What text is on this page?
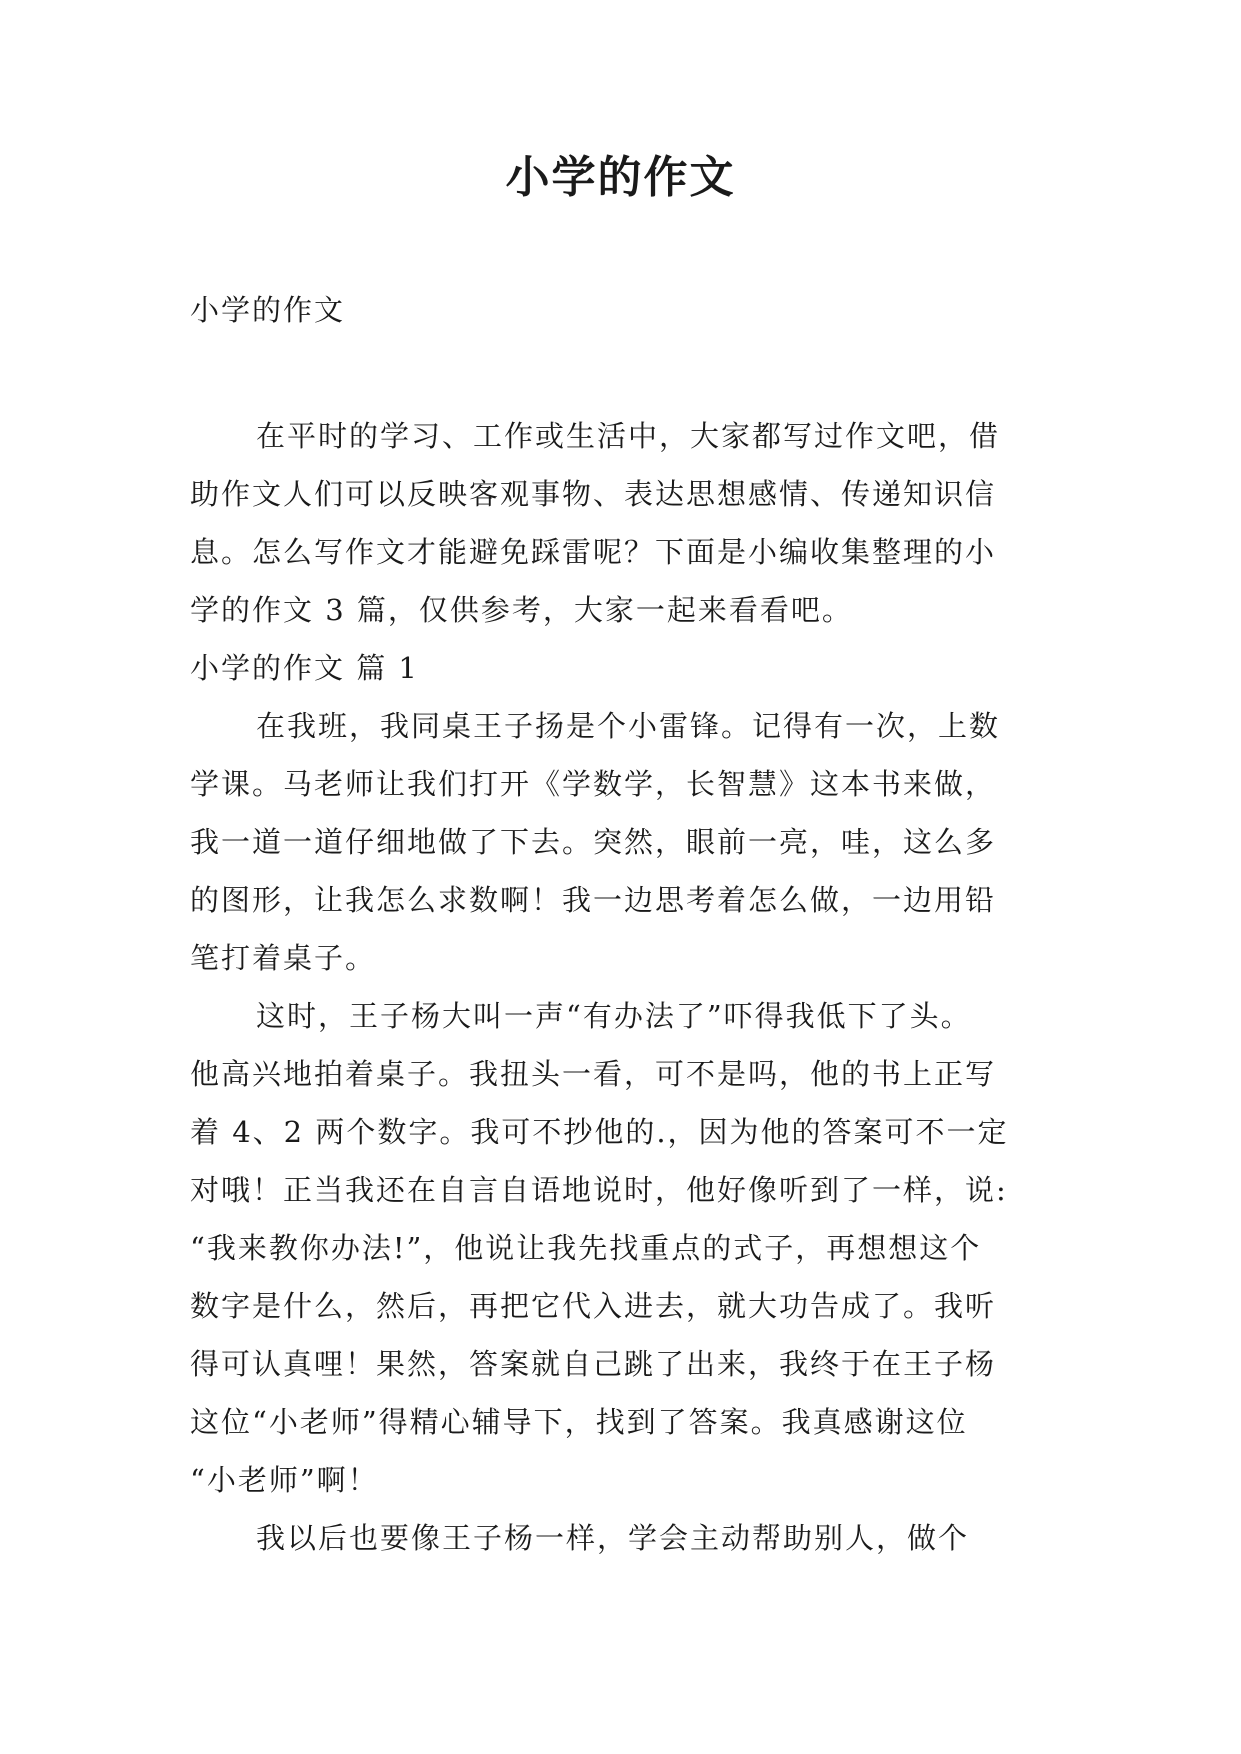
小学的作文
小学的作文
在平时的学习、工作或生活中，大家都写过作文吧，借
助作文人们可以反映客观事物、表达思想感情、传递知识信
息。怎么写作文才能避免踩雷呢？下面是小编收集整理的小
学的作文 3 篇，仅供参考，大家一起来看看吧。
小学的作文 篇 1
在我班，我同桌王子扬是个小雷锋。记得有一次，上数
学课。马老师让我们打开《学数学，长智慧》这本书来做，
我一道一道仔细地做了下去。突然，眼前一亮，哇，这么多
的图形，让我怎么求数啊！我一边思考着怎么做，一边用铅
笔打着桌子。
这时，王子杨大叫一声“有办法了”吓得我低下了头。
他高兴地拍着桌子。我扭头一看，可不是吗，他的书上正写
着 4、2 两个数字。我可不抄他的.，因为他的答案可不一定
对哦！正当我还在自言自语地说时，他好像听到了一样，说:
“我来教你办法!”，他说让我先找重点的式子，再想想这个
数字是什么，然后，再把它代入进去，就大功告成了。我听
得可认真哩！果然，答案就自己跳了出来，我终于在王子杨
这位“小老师”得精心辅导下，找到了答案。我真感谢这位
“小老师”啊！
我以后也要像王子杨一样，学会主动帮助别人，做个
